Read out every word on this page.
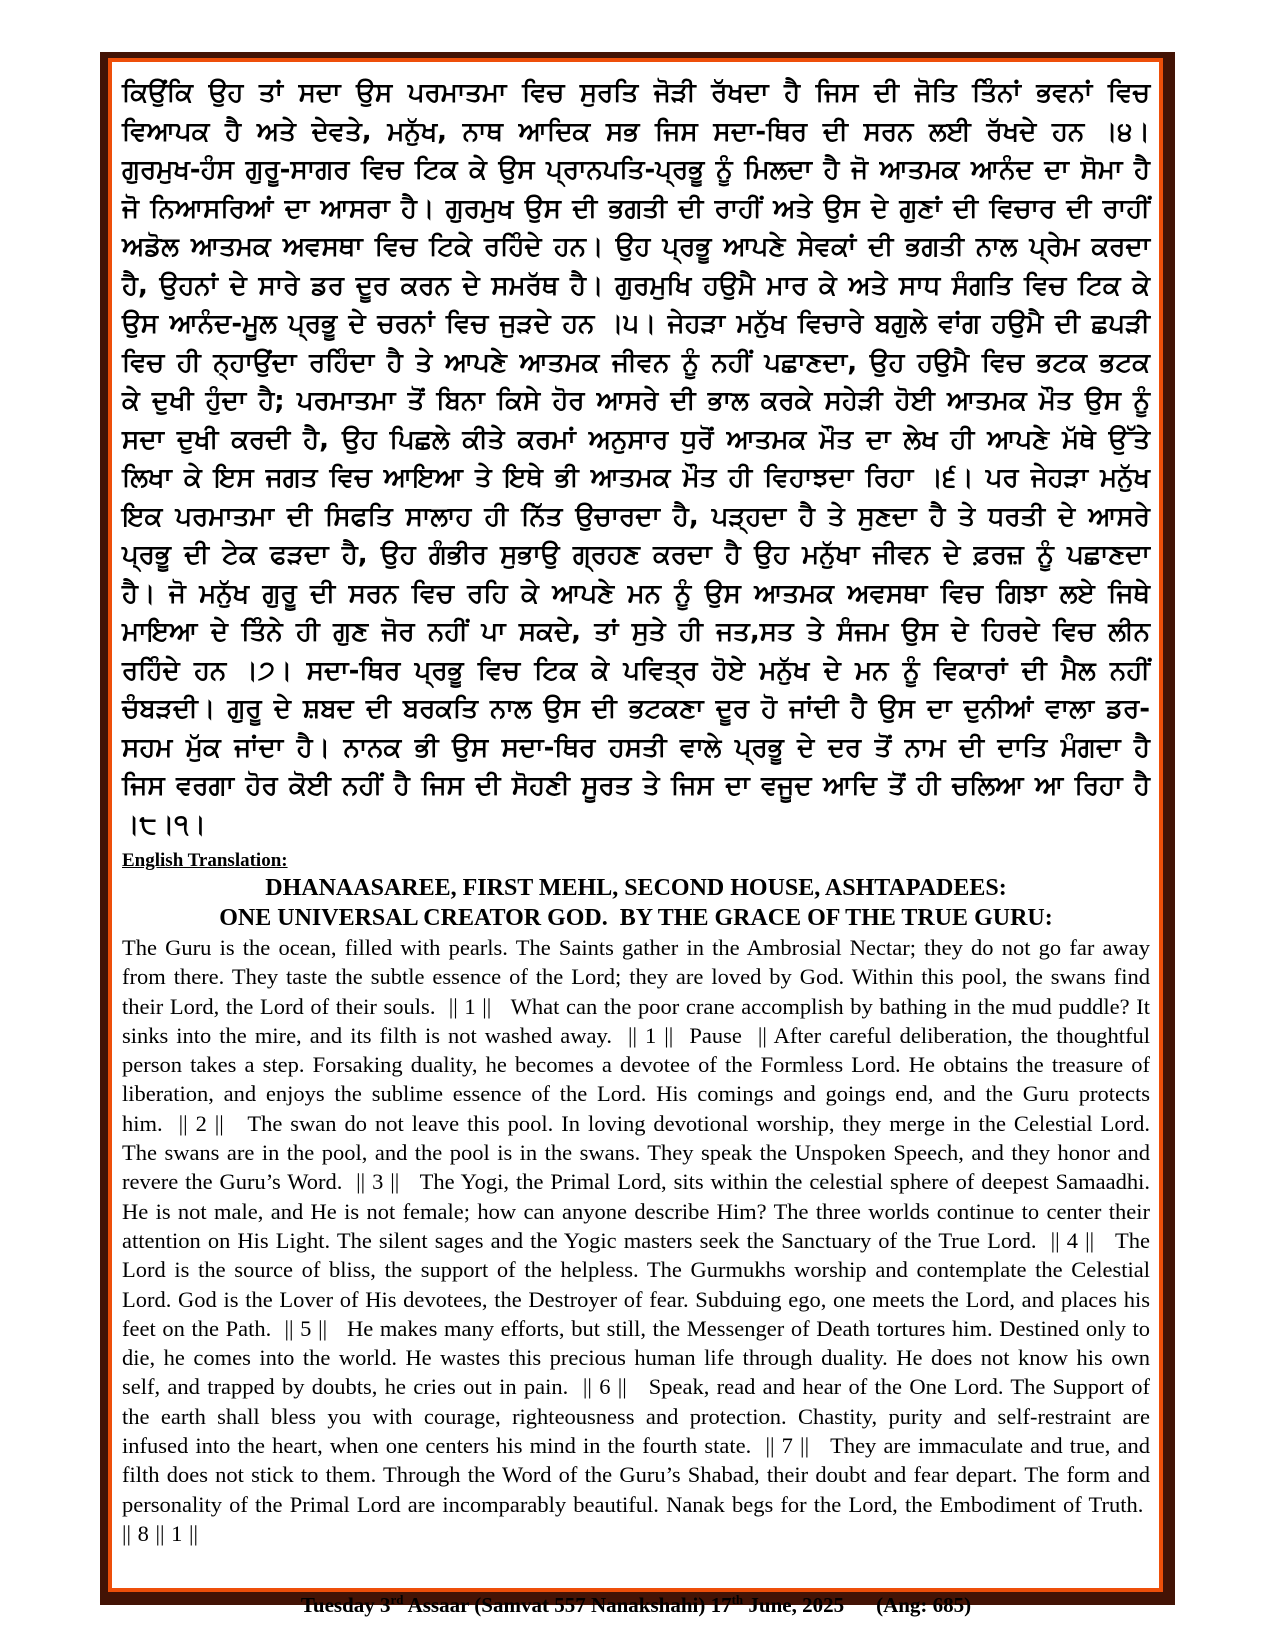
ਕਿਉਂਕਿ ਉਹ ਤਾਂ ਸਦਾ ਉਸ ਪਰਮਾਤਮਾ ਵਿਚ ਸੁਰਤਿ ਜੋੜੀ ਰੱਖਦਾ ਹੈ ਜਿਸ ਦੀ ਜੋਤਿ ਤਿੰਨਾਂ ਭਵਨਾਂ ਵਿਚ ਵਿਆਪਕ ਹੈ ਅਤੇ ਦੇਵਤੇ, ਮਨੁੱਖ, ਨਾਥ ਆਦਿਕ ਸਭ ਜਿਸ ਸਦਾ-ਥਿਰ ਦੀ ਸਰਨ ਲਈ ਰੱਖਦੇ ਹਨ ।੪। ਗੁਰਮੁਖ-ਹੰਸ ਗੁਰੂ-ਸਾਗਰ ਵਿਚ ਟਿਕ ਕੇ ਉਸ ਪ੍ਰਾਨਪਤਿ-ਪ੍ਰਭੂ ਨੂੰ ਮਿਲਦਾ ਹੈ ਜੋ ਆਤਮਕ ਆਨੰਦ ਦਾ ਸੋਮਾ ਹੈ ਜੋ ਨਿਆਸਰਿਆਂ ਦਾ ਆਸਰਾ ਹੈ। ਗੁਰਮੁਖ ਉਸ ਦੀ ਭਗਤੀ ਦੀ ਰਾਹੀਂ ਅਤੇ ਉਸ ਦੇ ਗੁਣਾਂ ਦੀ ਵਿਚਾਰ ਦੀ ਰਾਹੀਂ ਅਡੋਲ ਆਤਮਕ ਅਵਸਥਾ ਵਿਚ ਟਿਕੇ ਰਹਿੰਦੇ ਹਨ। ਉਹ ਪ੍ਰਭੂ ਆਪਣੇ ਸੇਵਕਾਂ ਦੀ ਭਗਤੀ ਨਾਲ ਪ੍ਰੇਮ ਕਰਦਾ ਹੈ, ਉਹਨਾਂ ਦੇ ਸਾਰੇ ਡਰ ਦੂਰ ਕਰਨ ਦੇ ਸਮਰੱਥ ਹੈ। ਗੁਰਮੁਖਿ ਹਉਮੈ ਮਾਰ ਕੇ ਅਤੇ ਸਾਧ ਸੰਗਤਿ ਵਿਚ ਟਿਕ ਕੇ ਉਸ ਆਨੰਦ-ਮੂਲ ਪ੍ਰਭੂ ਦੇ ਚਰਨਾਂ ਵਿਚ ਜੁੜਦੇ ਹਨ ।੫। ਜੇਹੜਾ ਮਨੁੱਖ ਵਿਚਾਰੇ ਬਗੁਲੇ ਵਾਂਗ ਹਉਮੈ ਦੀ ਛਪੜੀ ਵਿਚ ਹੀ ਨ੍ਹਾਉਂਦਾ ਰਹਿੰਦਾ ਹੈ ਤੇ ਆਪਣੇ ਆਤਮਕ ਜੀਵਨ ਨੂੰ ਨਹੀਂ ਪਛਾਣਦਾ, ਉਹ ਹਉਮੈ ਵਿਚ ਭਟਕ ਭਟਕ ਕੇ ਦੁਖੀ ਹੁੰਦਾ ਹੈ; ਪਰਮਾਤਮਾ ਤੋਂ ਬਿਨਾ ਕਿਸੇ ਹੋਰ ਆਸਰੇ ਦੀ ਭਾਲ ਕਰਕੇ ਸਹੇੜੀ ਹੋਈ ਆਤਮਕ ਮੌਤ ਉਸ ਨੂੰ ਸਦਾ ਦੁਖੀ ਕਰਦੀ ਹੈ, ਉਹ ਪਿਛਲੇ ਕੀਤੇ ਕਰਮਾਂ ਅਨੁਸਾਰ ਧੁਰੋਂ ਆਤਮਕ ਮੌਤ ਦਾ ਲੇਖ ਹੀ ਆਪਣੇ ਮੱਥੇ ਉੱਤੇ ਲਿਖਾ ਕੇ ਇਸ ਜਗਤ ਵਿਚ ਆਇਆ ਤੇ ਇਥੇ ਭੀ ਆਤਮਕ ਮੌਤ ਹੀ ਵਿਹਾਝਦਾ ਰਿਹਾ ।੬। ਪਰ ਜੇਹੜਾ ਮਨੁੱਖ ਇਕ ਪਰਮਾਤਮਾ ਦੀ ਸਿਫਤਿ ਸਾਲਾਹ ਹੀ ਨਿੱਤ ਉਚਾਰਦਾ ਹੈ, ਪੜ੍ਹਦਾ ਹੈ ਤੇ ਸੁਣਦਾ ਹੈ ਤੇ ਧਰਤੀ ਦੇ ਆਸਰੇ ਪ੍ਰਭੂ ਦੀ ਟੇਕ ਫੜਦਾ ਹੈ, ਉਹ ਗੰਭੀਰ ਸੁਭਾਉ ਗ੍ਰਹਣ ਕਰਦਾ ਹੈ ਉਹ ਮਨੁੱਖਾ ਜੀਵਨ ਦੇ ਫ਼ਰਜ਼ ਨੂੰ ਪਛਾਣਦਾ ਹੈ। ਜੋ ਮਨੁੱਖ ਗੁਰੂ ਦੀ ਸਰਨ ਵਿਚ ਰਹਿ ਕੇ ਆਪਣੇ ਮਨ ਨੂੰ ਉਸ ਆਤਮਕ ਅਵਸਥਾ ਵਿਚ ਗਿਝਾ ਲਏ ਜਿਥੇ ਮਾਇਆ ਦੇ ਤਿੰਨੇ ਹੀ ਗੁਣ ਜੋਰ ਨਹੀਂ ਪਾ ਸਕਦੇ, ਤਾਂ ਸੁਤੇ ਹੀ ਜਤ,ਸਤ ਤੇ ਸੰਜਮ ਉਸ ਦੇ ਹਿਰਦੇ ਵਿਚ ਲੀਨ ਰਹਿੰਦੇ ਹਨ ।੭। ਸਦਾ-ਥਿਰ ਪ੍ਰਭੂ ਵਿਚ ਟਿਕ ਕੇ ਪਵਿਤ੍ਰ ਹੋਏ ਮਨੁੱਖ ਦੇ ਮਨ ਨੂੰ ਵਿਕਾਰਾਂ ਦੀ ਮੈਲ ਨਹੀਂ ਚੰਬੜਦੀ। ਗੁਰੂ ਦੇ ਸ਼ਬਦ ਦੀ ਬਰਕਤਿ ਨਾਲ ਉਸ ਦੀ ਭਟਕਣਾ ਦੂਰ ਹੋ ਜਾਂਦੀ ਹੈ ਉਸ ਦਾ ਦੁਨੀਆਂ ਵਾਲਾ ਡਰ-ਸਹਮ ਮੁੱਕ ਜਾਂਦਾ ਹੈ। ਨਾਨਕ ਭੀ ਉਸ ਸਦਾ-ਥਿਰ ਹਸਤੀ ਵਾਲੇ ਪ੍ਰਭੂ ਦੇ ਦਰ ਤੋਂ ਨਾਮ ਦੀ ਦਾਤਿ ਮੰਗਦਾ ਹੈ ਜਿਸ ਵਰਗਾ ਹੋਰ ਕੋਈ ਨਹੀਂ ਹੈ ਜਿਸ ਦੀ ਸੋਹਣੀ ਸੂਰਤ ਤੇ ਜਿਸ ਦਾ ਵਜੂਦ ਆਦਿ ਤੋਂ ਹੀ ਚਲਿਆ ਆ ਰਿਹਾ ਹੈ ।੮।੧।

English Translation:
DHANAASAREE, FIRST MEHL, SECOND HOUSE, ASHTAPADEES:
ONE UNIVERSAL CREATOR GOD.  BY THE GRACE OF THE TRUE GURU:

The Guru is the ocean, filled with pearls. The Saints gather in the Ambrosial Nectar; they do not go far away from there. They taste the subtle essence of the Lord; they are loved by God. Within this pool, the swans find their Lord, the Lord of their souls.  || 1 ||   What can the poor crane accomplish by bathing in the mud puddle? It sinks into the mire, and its filth is not washed away.  || 1 ||  Pause  || After careful deliberation, the thoughtful person takes a step. Forsaking duality, he becomes a devotee of the Formless Lord. He obtains the treasure of liberation, and enjoys the sublime essence of the Lord. His comings and goings end, and the Guru protects him.  || 2 ||   The swan do not leave this pool. In loving devotional worship, they merge in the Celestial Lord. The swans are in the pool, and the pool is in the swans. They speak the Unspoken Speech, and they honor and revere the Guru’s Word.  || 3 ||   The Yogi, the Primal Lord, sits within the celestial sphere of deepest Samaadhi. He is not male, and He is not female; how can anyone describe Him? The three worlds continue to center their attention on His Light. The silent sages and the Yogic masters seek the Sanctuary of the True Lord.  || 4 ||   The Lord is the source of bliss, the support of the helpless. The Gurmukhs worship and contemplate the Celestial Lord. God is the Lover of His devotees, the Destroyer of fear. Subduing ego, one meets the Lord, and places his feet on the Path.  || 5 ||   He makes many efforts, but still, the Messenger of Death tortures him. Destined only to die, he comes into the world. He wastes this precious human life through duality. He does not know his own self, and trapped by doubts, he cries out in pain.  || 6 ||   Speak, read and hear of the One Lord. The Support of the earth shall bless you with courage, righteousness and protection. Chastity, purity and self-restraint are infused into the heart, when one centers his mind in the fourth state.  || 7 ||   They are immaculate and true, and filth does not stick to them. Through the Word of the Guru’s Shabad, their doubt and fear depart. The form and personality of the Primal Lord are incomparably beautiful. Nanak begs for the Lord, the Embodiment of Truth.  || 8 || 1 ||

Tuesday 3rd Assaar (Samvat 557 Nanakshahi) 17th June, 2025 (Ang: 685)
